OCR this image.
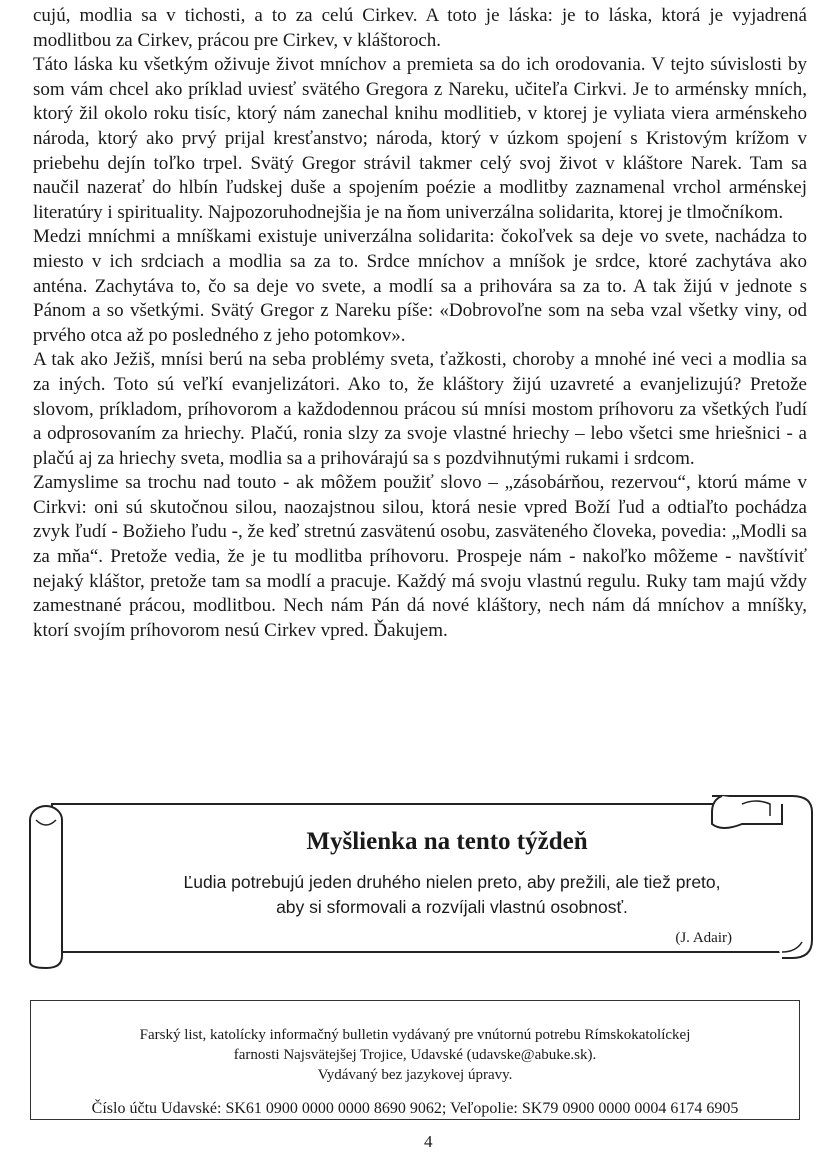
cujú, modlia sa v tichosti, a to za celú Cirkev. A toto je láska: je to láska, ktorá je vyjadrená modlitbou za Cirkev, prácou pre Cirkev, v kláštoroch.

Táto láska ku všetkým oživuje život mníchov a premieta sa do ich orodovania. V tejto súvislosti by som vám chcel ako príklad uviesť svätého Gregora z Nareku, učiteľa Cirkvi. Je to arménsky mních, ktorý žil okolo roku tisíc, ktorý nám zanechal knihu modlitieb, v ktorej je vyliata viera arménskeho národa, ktorý ako prvý prijal kresťanstvo; národa, ktorý v úzkom spojení s Kristovým krížom v priebehu dejín toľko trpel. Svätý Gregor strávil takmer celý svoj život v kláštore Narek. Tam sa naučil nazerať do hlbín ľudskej duše a spojením poézie a modlitby zaznamenal vrchol arménskej literatúry i spirituality. Najpozoruhodnejšia je na ňom univerzálna solidarita, ktorej je tlmočníkom.

Medzi mníchmi a mníškami existuje univerzálna solidarita: čokoľvek sa deje vo svete, nachádza to miesto v ich srdciach a modlia sa za to. Srdce mníchov a mníšok je srdce, ktoré zachytáva ako anténa. Zachytáva to, čo sa deje vo svete, a modlí sa a prihovára sa za to. A tak žijú v jednote s Pánom a so všetkými. Svätý Gregor z Nareku píše: «Dobrovoľne som na seba vzal všetky viny, od prvého otca až po posledného z jeho potomkov».

A tak ako Ježiš, mnísi berú na seba problémy sveta, ťažkosti, choroby a mnohé iné veci a modlia sa za iných. Toto sú veľkí evanjelizátori. Ako to, že kláštory žijú uzavreté a evanjelizujú? Pretože slovom, príkladom, príhovorom a každodennou prácou sú mnísi mostom príhovoru za všetkých ľudí a odprosovaním za hriechy. Plačú, ronia slzy za svoje vlastné hriechy – lebo všetci sme hriešnici - a plačú aj za hriechy sveta, modlia sa a prihovárajú sa s pozdvihnutými rukami i srdcom.

Zamyslime sa trochu nad touto - ak môžem použiť slovo – „zásobárňou, rezervou“, ktorú máme v Cirkvi: oni sú skutočnou silou, naozajstnou silou, ktorá nesie vpred Boží ľud a odtiaľto pochádza zvyk ľudí - Božieho ľudu -, že keď stretnú zasvätenú osobu, zasväteného človeka, povedia: „Modli sa za mňa“. Pretože vedia, že je tu modlitba príhovoru. Prospeje nám - nakoľko môžeme - navštíviť nejaký kláštor, pretože tam sa modlí a pracuje. Každý má svoju vlastnú regulu. Ruky tam majú vždy zamestnané prácou, modlitbou. Nech nám Pán dá nové kláštory, nech nám dá mníchov a mníšky, ktorí svojím príhovorom nesú Cirkev vpred. Ďakujem.

Myšlienka na tento týždeň
Ľudia potrebujú jeden druhého nielen preto, aby prežili, ale tiež preto,
aby si sformovali a rozvíjali vlastnú osobnosť.
(J. Adair)
Farský list, katolícky informačný bulletin vydávaný pre vnútornú potrebu Rímskokatolíckej
farnosti Najsvätejšej Trojice, Udavské (udavske@abuke.sk).
Vydávaný bez jazykovej úpravy.
Číslo účtu Udavské: SK61 0900 0000 0000 8690 9062; Veľopolie: SK79 0900 0000 0004 6174 6905
4
